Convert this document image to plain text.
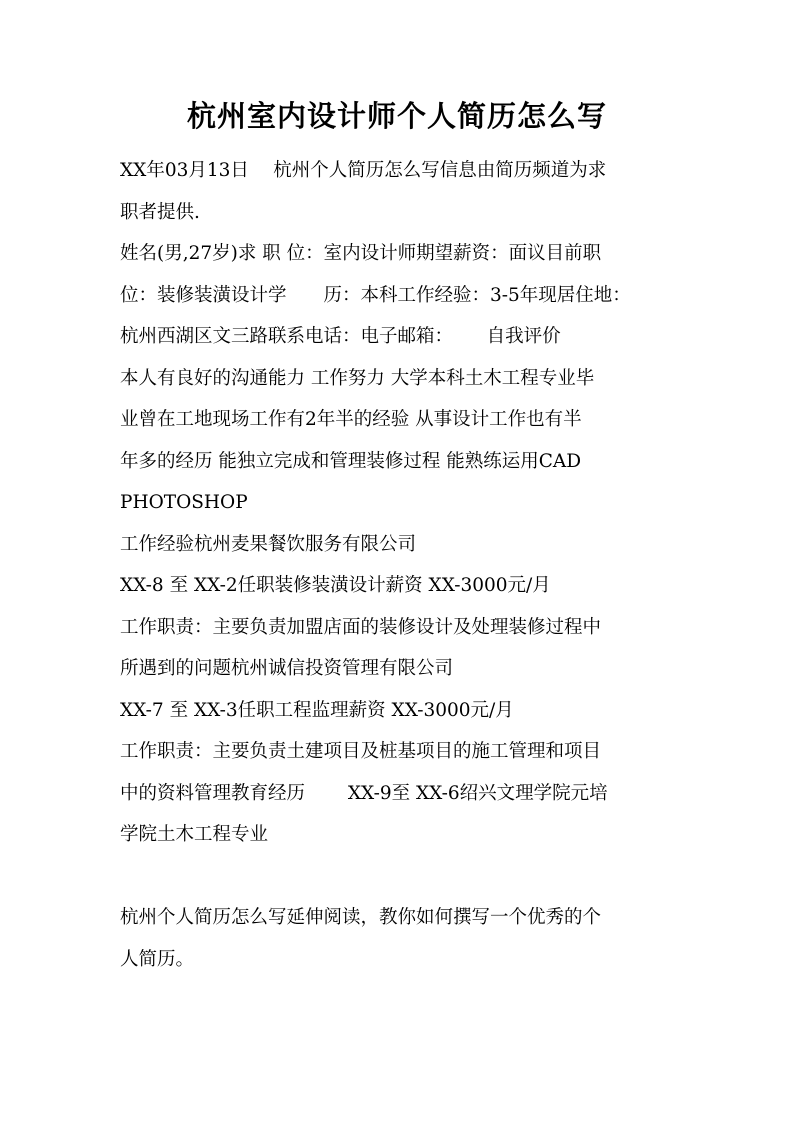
杭州室内设计师个人简历怎么写
XX年03月13日　 杭州个人简历怎么写信息由简历频道为求
职者提供.
姓名(男,27岁)求 职 位：室内设计师期望薪资：面议目前职
位：装修装潢设计学　　历：本科工作经验：3-5年现居住地：
杭州西湖区文三路联系电话：电子邮箱：　　 自我评价
本人有良好的沟通能力 工作努力 大学本科土木工程专业毕
业曾在工地现场工作有2年半的经验 从事设计工作也有半
年多的经历 能独立完成和管理装修过程 能熟练运用CAD
PHOTOSHOP
工作经验杭州麦果餐饮服务有限公司
XX-8 至 XX-2任职装修装潢设计薪资 XX-3000元/月
工作职责：主要负责加盟店面的装修设计及处理装修过程中
所遇到的问题杭州诚信投资管理有限公司
XX-7 至 XX-3任职工程监理薪资 XX-3000元/月
工作职责：主要负责土建项目及桩基项目的施工管理和项目
中的资料管理教育经历　　 XX-9至 XX-6绍兴文理学院元培
学院土木工程专业
杭州个人简历怎么写延伸阅读，教你如何撰写一个优秀的个
人简历。
